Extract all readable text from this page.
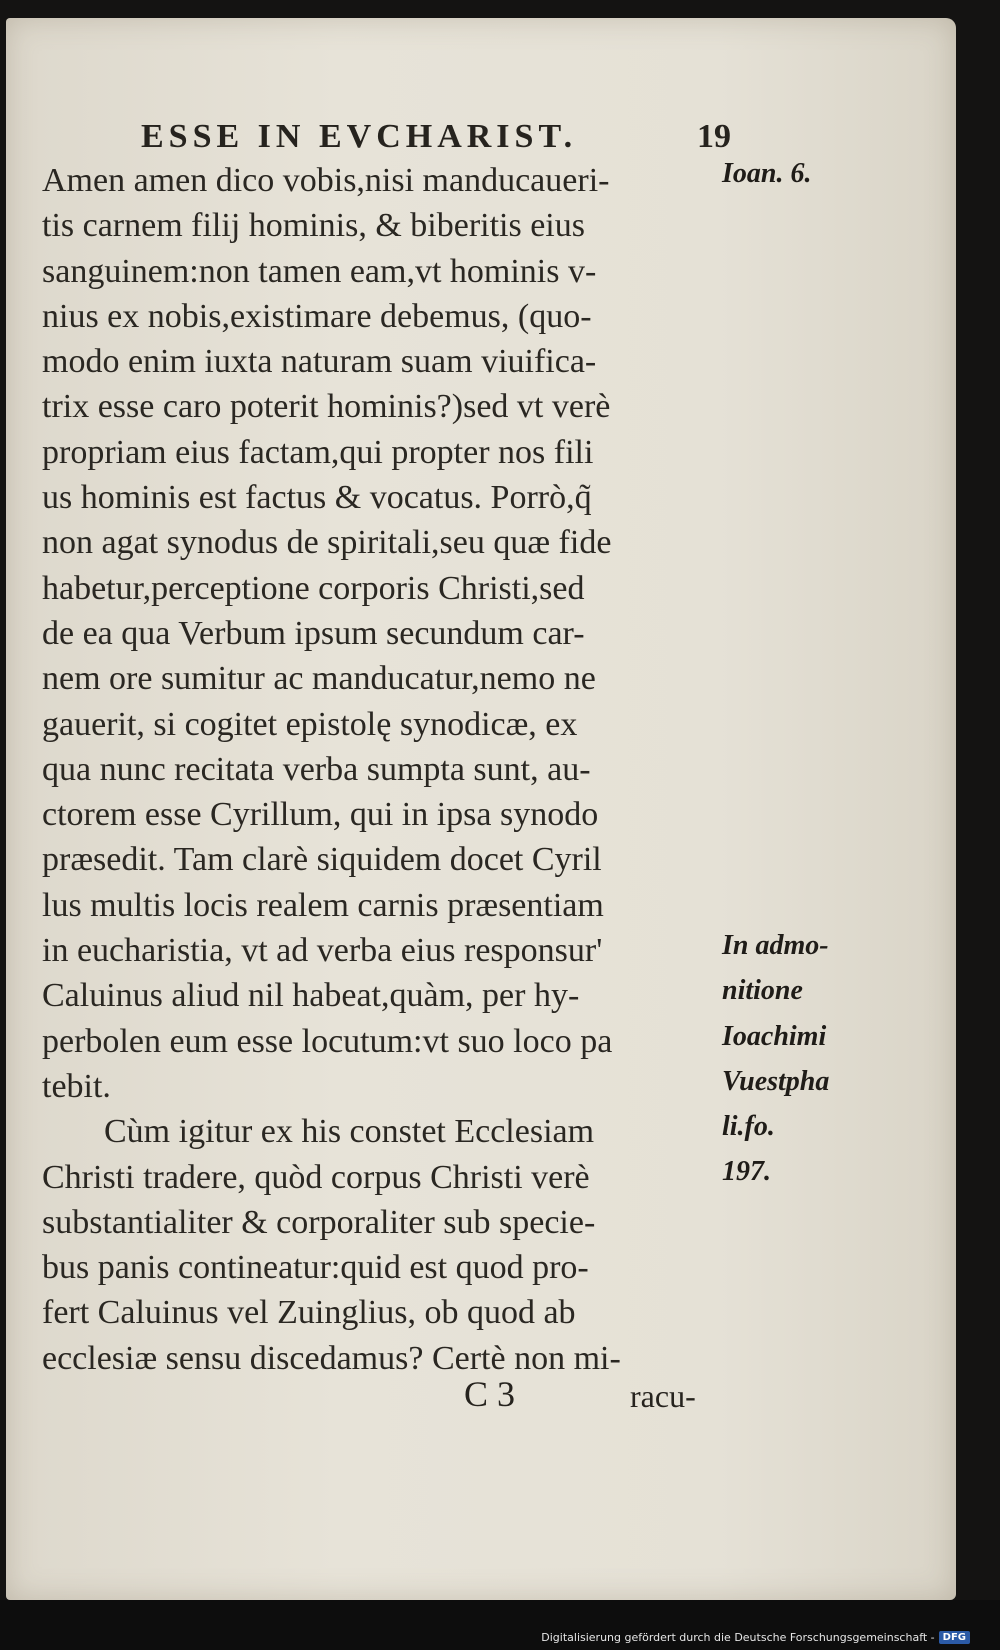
ESSE IN EVCHARIST.	19
Amen amen dico vobis,nisi manducaueri-
tis carnem filij hominis, & biberitis eius
sanguinem:non tamen eam,vt hominis v-
nius ex nobis,existimare debemus, (quo-
modo enim iuxta naturam suam viuifica-
trix esse caro poterit hominis?)sed vt verè
propriam eius factam,qui propter nos fili
us hominis est factus & vocatus. Porrò,q̃
non agat synodus de spiritali,seu quæ fide
habetur,perceptione corporis Christi,sed
de ea qua Verbum ipsum secundum car-
nem ore sumitur ac manducatur,nemo ne
gauerit, si cogitet epistolę synodicæ, ex
qua nunc recitata verba sumpta sunt, au-
ctorem esse Cyrillum, qui in ipsa synodo
præsedit. Tam clarè siquidem docet Cyril
lus multis locis realem carnis præsentiam
in eucharistia, vt ad verba eius responsur'
Caluinus aliud nil habeat,quàm, per hy-
perbolen eum esse locutum:vt suo loco pa
tebit.
Cùm igitur ex his constet Ecclesiam
Christi tradere, quòd corpus Christi verè
substantialiter & corporaliter sub specie-
bus panis contineatur:quid est quod pro-
fert Caluinus vel Zuinglius, ob quod ab
ecclesiæ sensu discedamus? Certè non mi-
Ioan. 6.
In admo-
nitione
Ioachimi
Vuestpha
li.fo.
197.
C 3	racu-
Digitalisierung gefördert durch die Deutsche Forschungsgemeinschaft - DFG
